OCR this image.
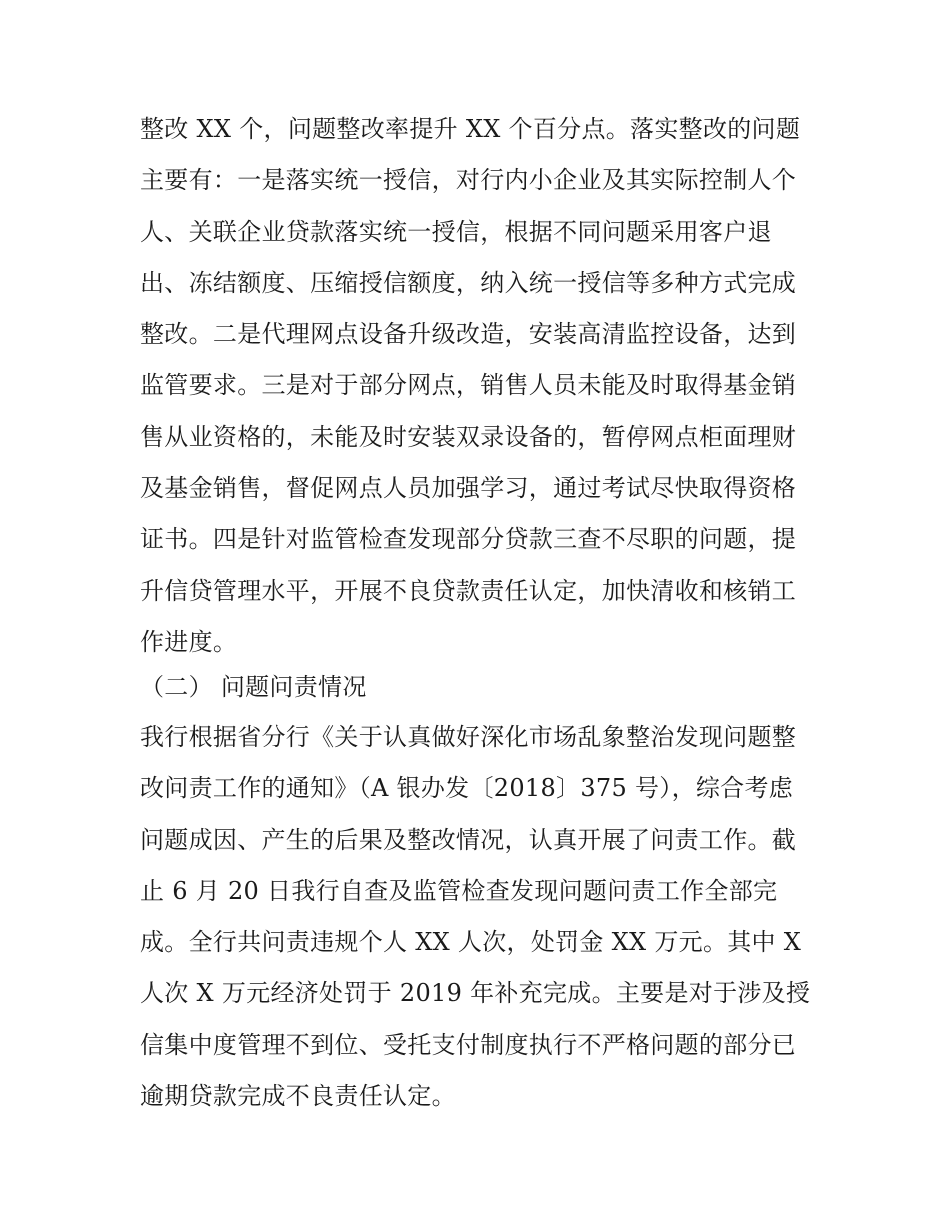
整改 XX 个，问题整改率提升 XX 个百分点。落实整改的问题
主要有：一是落实统一授信，对行内小企业及其实际控制人个
人、关联企业贷款落实统一授信，根据不同问题采用客户退
出、冻结额度、压缩授信额度，纳入统一授信等多种方式完成
整改。二是代理网点设备升级改造，安装高清监控设备，达到
监管要求。三是对于部分网点，销售人员未能及时取得基金销
售从业资格的，未能及时安装双录设备的，暂停网点柜面理财
及基金销售，督促网点人员加强学习，通过考试尽快取得资格
证书。四是针对监管检查发现部分贷款三查不尽职的问题，提
升信贷管理水平，开展不良贷款责任认定，加快清收和核销工
作进度。
（二） 问题问责情况
我行根据省分行《关于认真做好深化市场乱象整治发现问题整
改问责工作的通知》（A 银办发〔2018〕375 号），综合考虑
问题成因、产生的后果及整改情况，认真开展了问责工作。截
止 6 月 20 日我行自查及监管检查发现问题问责工作全部完
成。全行共问责违规个人 XX 人次，处罚金 XX 万元。其中 X
人次 X 万元经济处罚于 2019 年补充完成。主要是对于涉及授
信集中度管理不到位、受托支付制度执行不严格问题的部分已
逾期贷款完成不良责任认定。
